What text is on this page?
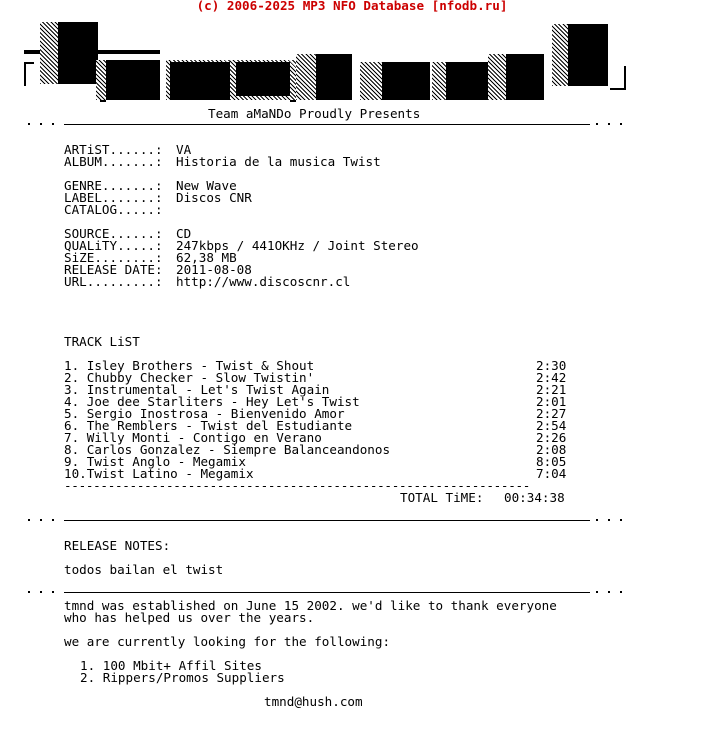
(c) 2006-2025 MP3 NFO Database [nfodb.ru]
Team aMaNDo Proudly Presents
ARTiST......: VA
ALBUM.......: Historia de la musica Twist
GENRE.......: New Wave
LABEL.......: Discos CNR
CATALOG.....:
SOURCE......: CD
QUALiTY.....: 247kbps / 441OKHz / Joint Stereo
SiZE........: 62,38 MB
RELEASE DATE: 2011-08-08
URL.........: http://www.discoscnr.cl
TRACK LiST
1. Isley Brothers - Twist & Shout	2:30
2. Chubby Checker - Slow Twistin'	2:42
3. Instrumental - Let's Twist Again	2:21
4. Joe dee Starliters - Hey Let's Twist	2:01
5. Sergio Inostrosa - Bienvenido Amor	2:27
6. The Remblers - Twist del Estudiante	2:54
7. Willy Monti - Contigo en Verano	2:26
8. Carlos Gonzalez - Siempre Balanceandonos	2:08
9. Twist Anglo - Megamix	8:05
10.Twist Latino - Megamix	7:04
----------------------------------------------------------------
TOTAL TiME: 00:34:38
RELEASE NOTES:
todos bailan el twist
tmnd was established on June 15 2002. we'd like to thank everyone
who has helped us over the years.
we are currently looking for the following:
1. 100 Mbit+ Affil Sites
2. Rippers/Promos Suppliers
tmnd@hush.com
